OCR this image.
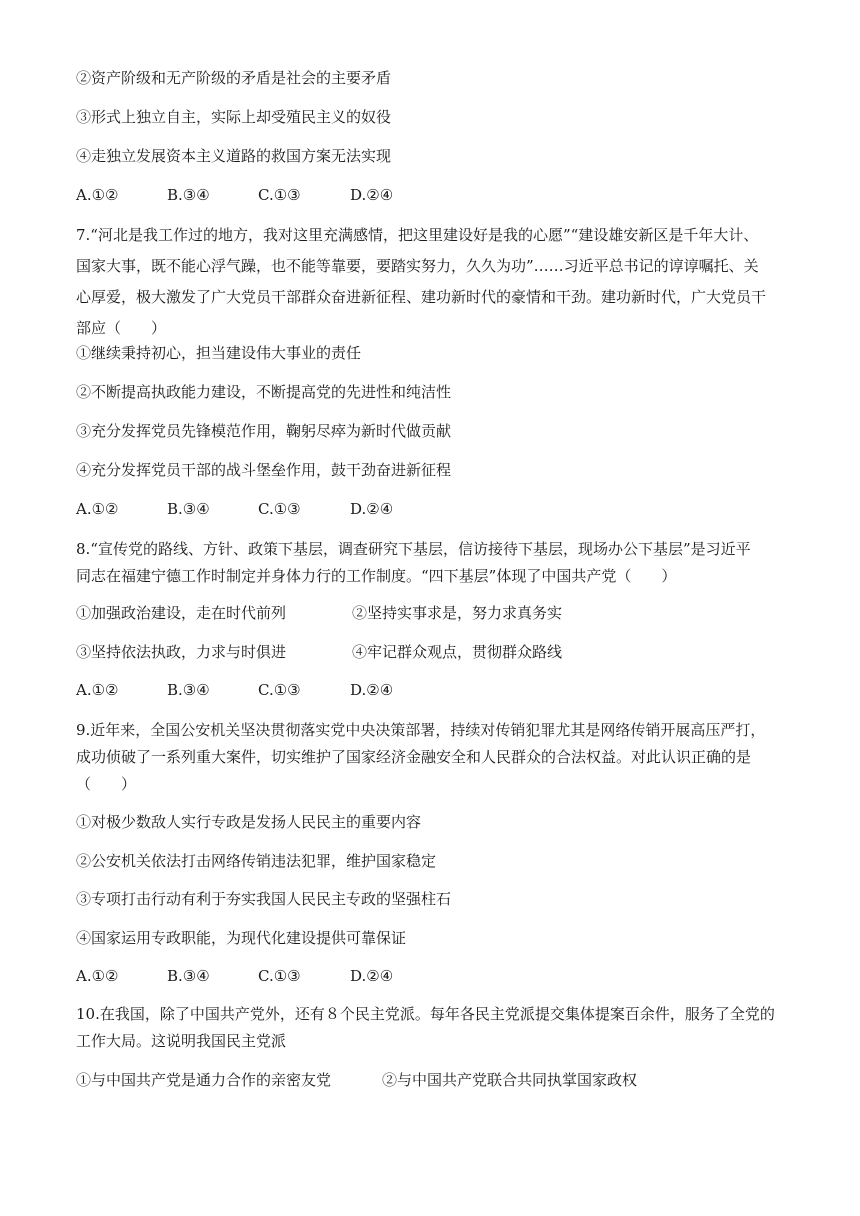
②资产阶级和无产阶级的矛盾是社会的主要矛盾
③形式上独立自主，实际上却受殖民主义的奴役
④走独立发展资本主义道路的救国方案无法实现
A.①②	B.③④	C.①③	D.②④
7.“河北是我工作过的地方，我对这里充满感情，把这里建设好是我的心愿”“建设雄安新区是千年大计、
国家大事，既不能心浮气躁，也不能等靠要，要踏实努力，久久为功”……习近平总书记的谆谆嘱托、关
心厚爱，极大激发了广大党员干部群众奋进新征程、建功新时代的豪情和干劲。建功新时代，广大党员干
部应（　　）
①继续秉持初心，担当建设伟大事业的责任
②不断提高执政能力建设，不断提高党的先进性和纯洁性
③充分发挥党员先锋模范作用，鞠躬尽瘁为新时代做贡献
④充分发挥党员干部的战斗堡垒作用，鼓干劲奋进新征程
A.①②	B.③④	C.①③	D.②④
8.“宣传党的路线、方针、政策下基层，调查研究下基层，信访接待下基层，现场办公下基层”是习近平
同志在福建宁德工作时制定并身体力行的工作制度。“四下基层”体现了中国共产党（　　）
①加强政治建设，走在时代前列	②坚持实事求是，努力求真务实
③坚持依法执政，力求与时俱进	④牢记群众观点，贯彻群众路线
A.①②	B.③④	C.①③	D.②④
9.近年来，全国公安机关坚决贯彻落实党中央决策部署，持续对传销犯罪尤其是网络传销开展高压严打，
成功侦破了一系列重大案件，切实维护了国家经济金融安全和人民群众的合法权益。对此认识正确的是
（　　）
①对极少数敌人实行专政是发扬人民民主的重要内容
②公安机关依法打击网络传销违法犯罪，维护国家稳定
③专项打击行动有利于夯实我国人民民主专政的坚强柱石
④国家运用专政职能，为现代化建设提供可靠保证
A.①②	B.③④	C.①③	D.②④
10.在我国，除了中国共产党外，还有８个民主党派。每年各民主党派提交集体提案百余件，服务了全党的
工作大局。这说明我国民主党派
①与中国共产党是通力合作的亲密友党	②与中国共产党联合共同执掌国家政权
